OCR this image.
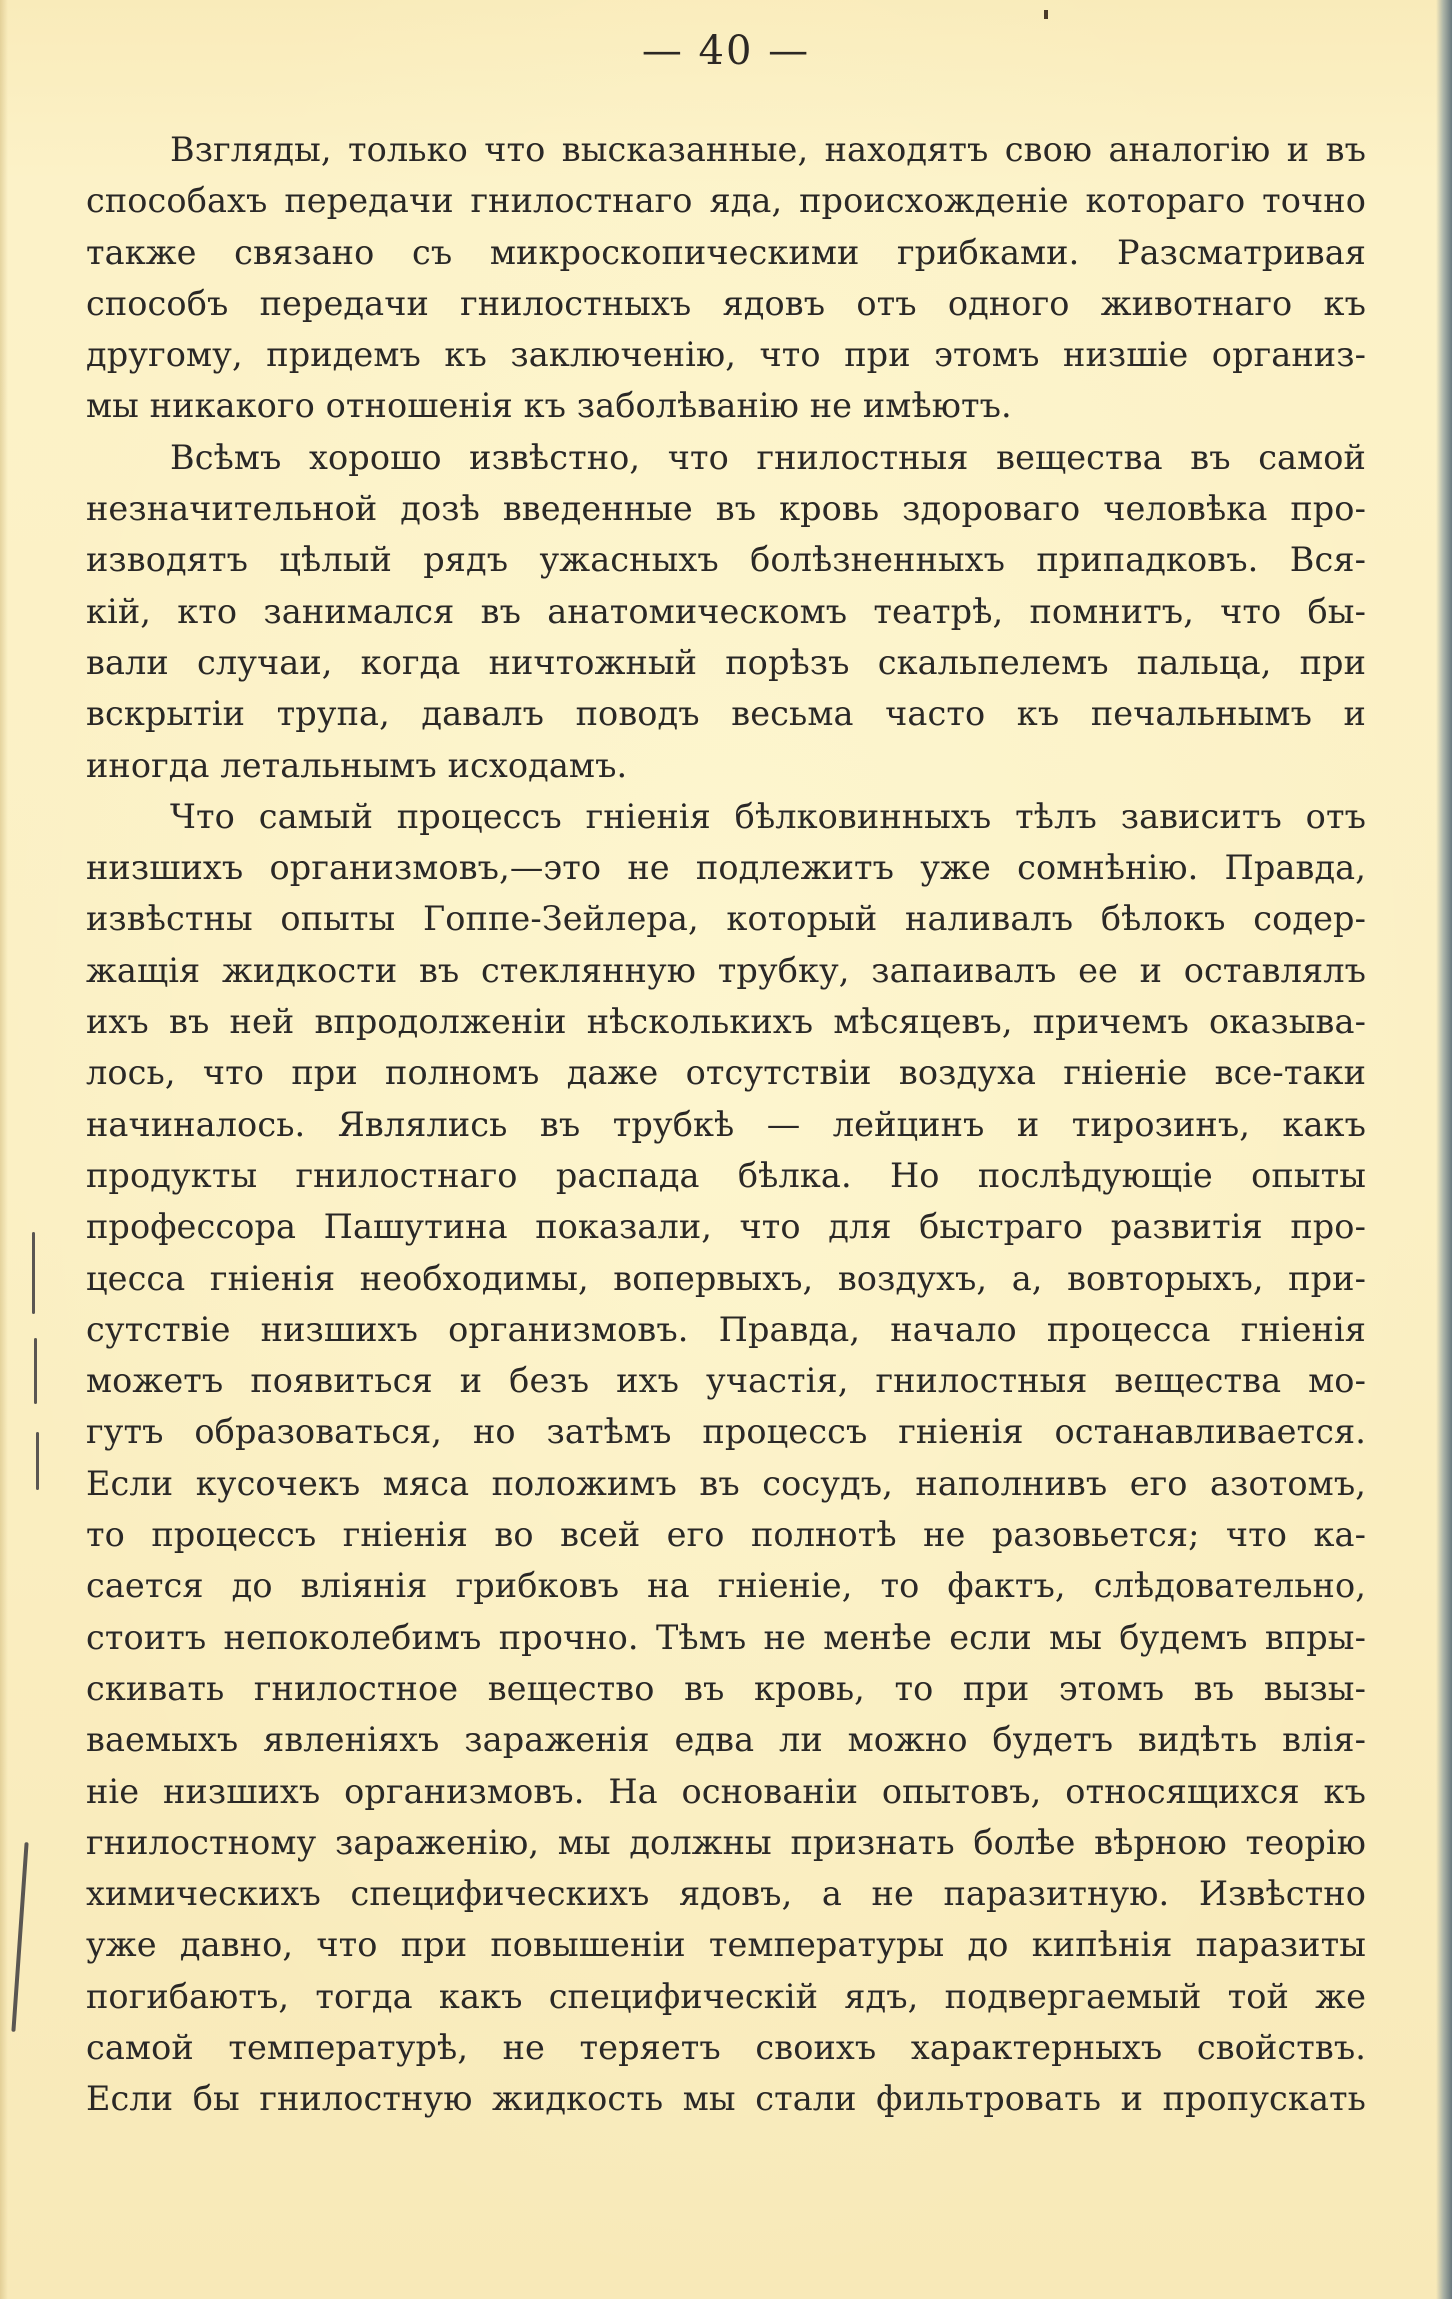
— 40 —
Взгляды, только что высказанные, находятъ свою аналогію и въ
способахъ передачи гнилостнаго яда, происхожденіе котораго точно
также связано съ микроскопическими грибками. Разсматривая
способъ передачи гнилостныхъ ядовъ отъ одного животнаго къ
другому, придемъ къ заключенію, что при этомъ низшіе организ-
мы никакого отношенія къ заболѣванію не имѣютъ.
Всѣмъ хорошо извѣстно, что гнилостныя вещества въ самой
незначительной дозѣ введенные въ кровь здороваго человѣка про-
изводятъ цѣлый рядъ ужасныхъ болѣзненныхъ припадковъ. Вся-
кій, кто занимался въ анатомическомъ театрѣ, помнитъ, что бы-
вали случаи, когда ничтожный порѣзъ скальпелемъ пальца, при
вскрытіи трупа, давалъ поводъ весьма часто къ печальнымъ и
иногда летальнымъ исходамъ.
Что самый процессъ гніенія бѣлковинныхъ тѣлъ зависитъ отъ
низшихъ организмовъ,—это не подлежитъ уже сомнѣнію. Правда,
извѣстны опыты Гоппе-Зейлера, который наливалъ бѣлокъ содер-
жащія жидкости въ стеклянную трубку, запаивалъ ее и оставлялъ
ихъ въ ней впродолженіи нѣсколькихъ мѣсяцевъ, причемъ оказыва-
лось, что при полномъ даже отсутствіи воздуха гніеніе все-таки
начиналось. Являлись въ трубкѣ — лейцинъ и тирозинъ, какъ
продукты гнилостнаго распада бѣлка. Но послѣдующіе опыты
профессора Пашутина показали, что для быстраго развитія про-
цесса гніенія необходимы, вопервыхъ, воздухъ, а, вовторыхъ, при-
сутствіе низшихъ организмовъ. Правда, начало процесса гніенія
можетъ появиться и безъ ихъ участія, гнилостныя вещества мо-
гутъ образоваться, но затѣмъ процессъ гніенія останавливается.
Если кусочекъ мяса положимъ въ сосудъ, наполнивъ его азотомъ,
то процессъ гніенія во всей его полнотѣ не разовьется; что ка-
сается до вліянія грибковъ на гніеніе, то фактъ, слѣдовательно,
стоитъ непоколебимъ прочно. Тѣмъ не менѣе если мы будемъ впры-
скивать гнилостное вещество въ кровь, то при этомъ въ вызы-
ваемыхъ явленіяхъ зараженія едва ли можно будетъ видѣть влія-
ніе низшихъ организмовъ. На основаніи опытовъ, относящихся къ
гнилостному зараженію, мы должны признать болѣе вѣрною теорію
химическихъ специфическихъ ядовъ, а не паразитную. Извѣстно
уже давно, что при повышеніи температуры до кипѣнія паразиты
погибаютъ, тогда какъ специфическій ядъ, подвергаемый той же
самой температурѣ, не теряетъ своихъ характерныхъ свойствъ.
Если бы гнилостную жидкость мы стали фильтровать и пропускать
